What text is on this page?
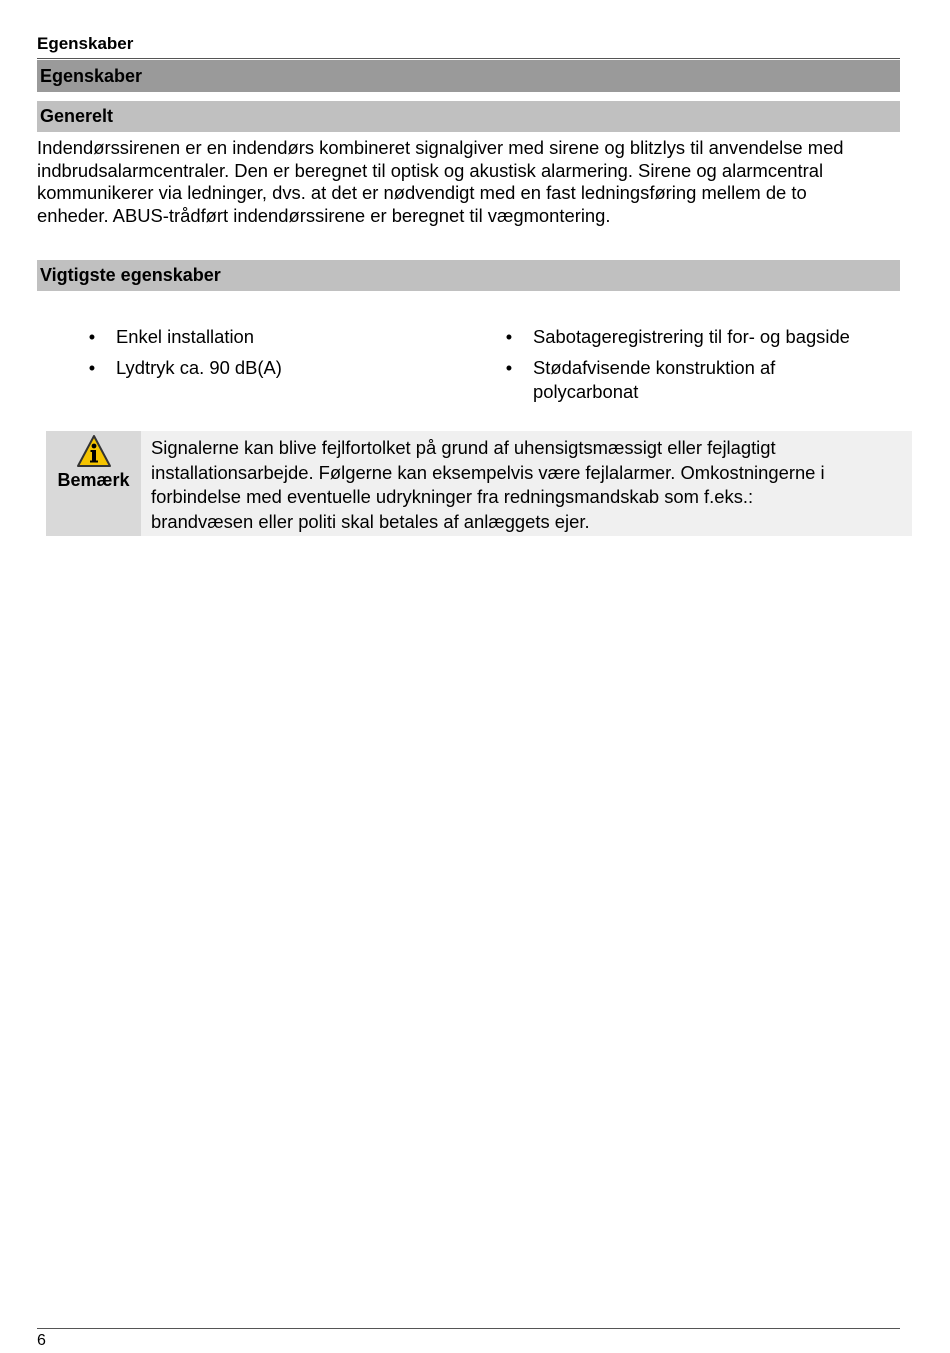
Egenskaber
Egenskaber
Generelt
Indendørssirenen er en indendørs kombineret signalgiver med sirene og blitzlys til anvendelse med
indbrudsalarmcentraler. Den er beregnet til optisk og akustisk alarmering. Sirene og alarmcentral
kommunikerer via ledninger, dvs. at det er nødvendigt med en fast ledningsføring mellem de to
enheder. ABUS-trådført indendørssirene er beregnet til vægmontering.
Vigtigste egenskaber
• Enkel installation
• Lydtryk ca. 90 dB(A)
• Sabotageregistrering til for- og bagside
• Stødafvisende konstruktion af polycarbonat
Bemærk
Signalerne kan blive fejlfortolket på grund af uhensigtsmæssigt eller fejlagtigt
installationsarbejde. Følgerne kan eksempelvis være fejlalarmer. Omkostningerne i
forbindelse med eventuelle udrykninger fra redningsmandskab som f.eks.:
brandvæsen eller politi skal betales af anlæggets ejer.
6
